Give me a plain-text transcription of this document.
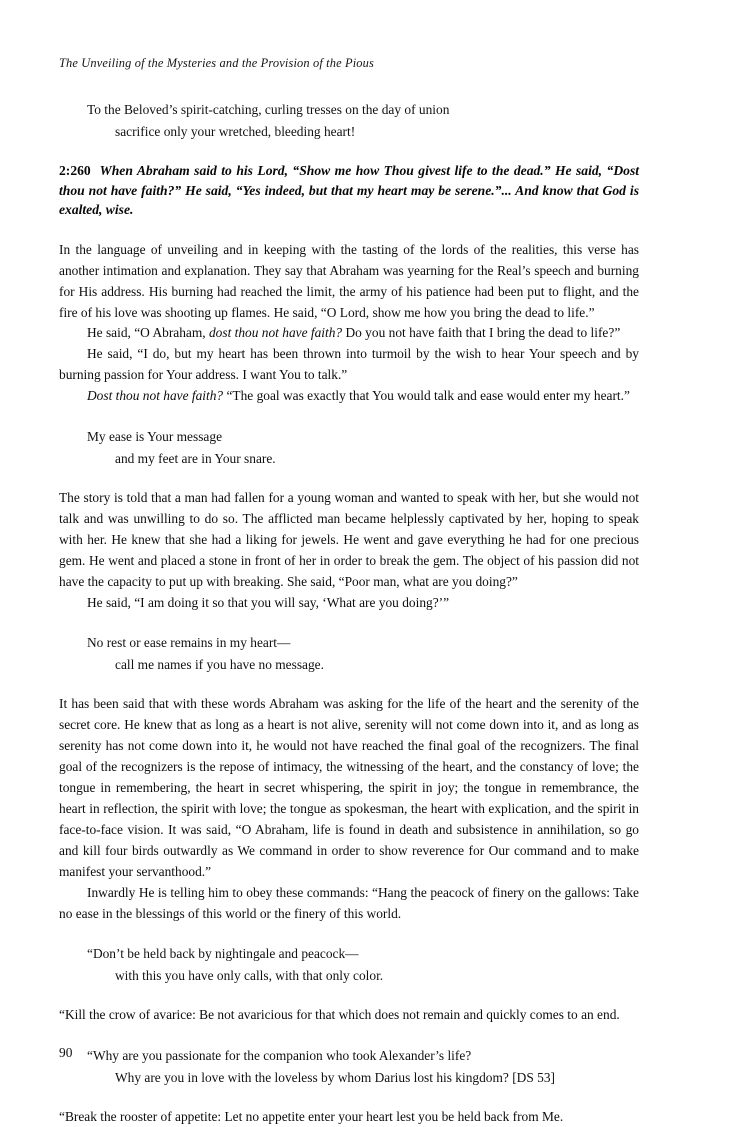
The Unveiling of the Mysteries and the Provision of the Pious
To the Beloved’s spirit-catching, curling tresses on the day of union
sacrifice only your wretched, bleeding heart!
2:260 When Abraham said to his Lord, “Show me how Thou givest life to the dead.” He said, “Dost thou not have faith?” He said, “Yes indeed, but that my heart may be serene.”... And know that God is exalted, wise.

In the language of unveiling and in keeping with the tasting of the lords of the realities, this verse has another intimation and explanation. They say that Abraham was yearning for the Real’s speech and burning for His address. His burning had reached the limit, the army of his patience had been put to flight, and the fire of his love was shooting up flames. He said, “O Lord, show me how you bring the dead to life.”

He said, “O Abraham, dost thou not have faith? Do you not have faith that I bring the dead to life?”

He said, “I do, but my heart has been thrown into turmoil by the wish to hear Your speech and by burning passion for Your address. I want You to talk.”

Dost thou not have faith? “The goal was exactly that You would talk and ease would enter my heart.”

My ease is Your message
and my feet are in Your snare.

The story is told that a man had fallen for a young woman and wanted to speak with her, but she would not talk and was unwilling to do so. The afflicted man became helplessly captivated by her, hoping to speak with her. He knew that she had a liking for jewels. He went and gave everything he had for one precious gem. He went and placed a stone in front of her in order to break the gem. The object of his passion did not have the capacity to put up with breaking. She said, “Poor man, what are you doing?”

He said, “I am doing it so that you will say, ‘What are you doing?’”

No rest or ease remains in my heart—
call me names if you have no message.

It has been said that with these words Abraham was asking for the life of the heart and the serenity of the secret core. He knew that as long as a heart is not alive, serenity will not come down into it, and as long as serenity has not come down into it, he would not have reached the final goal of the recognizers. The final goal of the recognizers is the repose of intimacy, the witnessing of the heart, and the constancy of love; the tongue in remembering, the heart in secret whispering, the spirit in joy; the tongue in remembrance, the heart in reflection, the spirit with love; the tongue as spokesman, the heart with explication, and the spirit in face-to-face vision. It was said, “O Abraham, life is found in death and subsistence in annihilation, so go and kill four birds outwardly as We command in order to show reverence for Our command and to make manifest your servanthood.”

Inwardly He is telling him to obey these commands: “Hang the peacock of finery on the gallows: Take no ease in the blessings of this world or the finery of this world.

“Don’t be held back by nightingale and peacock—
with this you have only calls, with that only color.

“Kill the crow of avarice: Be not avaricious for that which does not remain and quickly comes to an end.

“Why are you passionate for the companion who took Alexander’s life?
Why are you in love with the loveless by whom Darius lost his kingdom? [DS 53]

“Break the rooster of appetite: Let no appetite enter your heart lest you be held back from Me.

90
